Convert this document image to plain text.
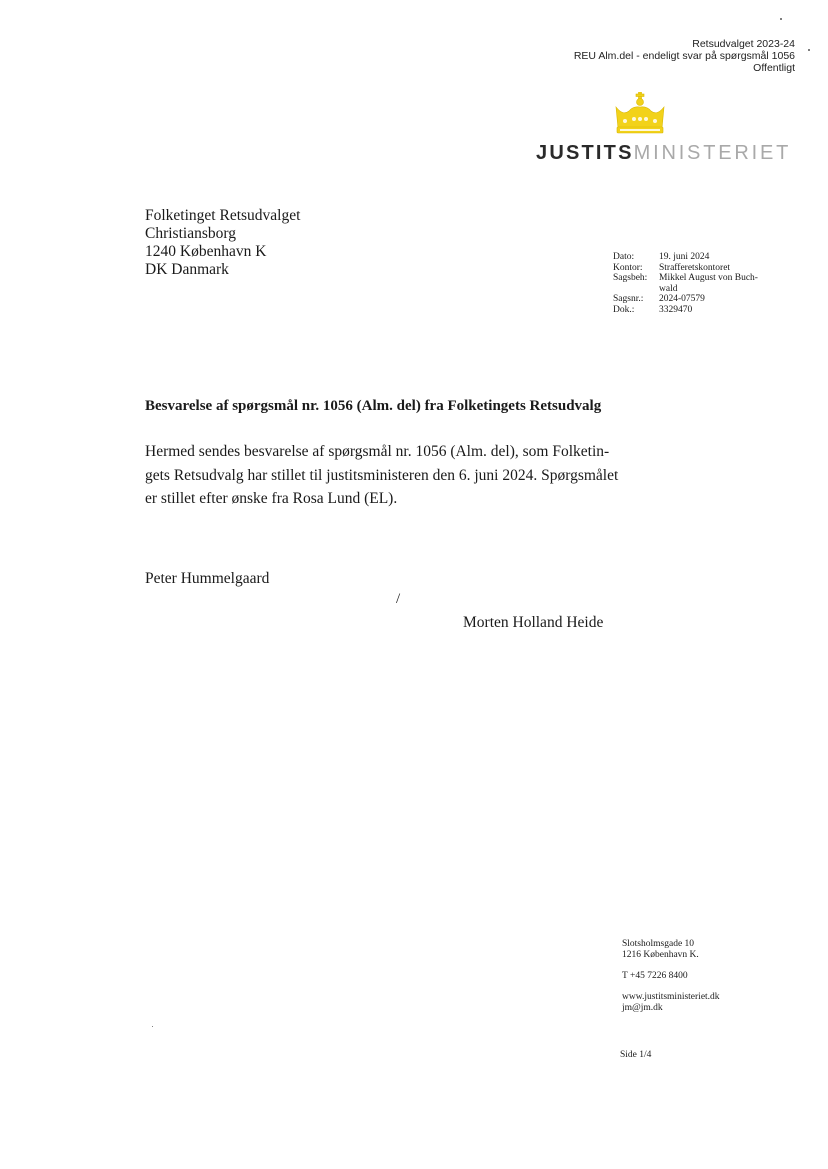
Retsudvalget 2023-24
REU Alm.del - endeligt svar på spørgsmål 1056
Offentligt
JUSTITSMINISTERIET
Folketinget Retsudvalget
Christiansborg
1240 København K
DK Danmark
Dato:	19. juni 2024
Kontor:	Strafferetskontoret
Sagsbeh:	Mikkel August von Buch-wald
Sagsnr.:	2024-07579
Dok.:	3329470
Besvarelse af spørgsmål nr. 1056 (Alm. del) fra Folketingets Retsudvalg
Hermed sendes besvarelse af spørgsmål nr. 1056 (Alm. del), som Folketin-
gets Retsudvalg har stillet til justitsministeren den 6. juni 2024. Spørgsmålet
er stillet efter ønske fra Rosa Lund (EL).
Peter Hummelgaard
/
Morten Holland Heide
Slotsholmsgade 10
1216 København K.
T +45 7226 8400
www.justitsministeriet.dk
jm@jm.dk
Side 1/4
